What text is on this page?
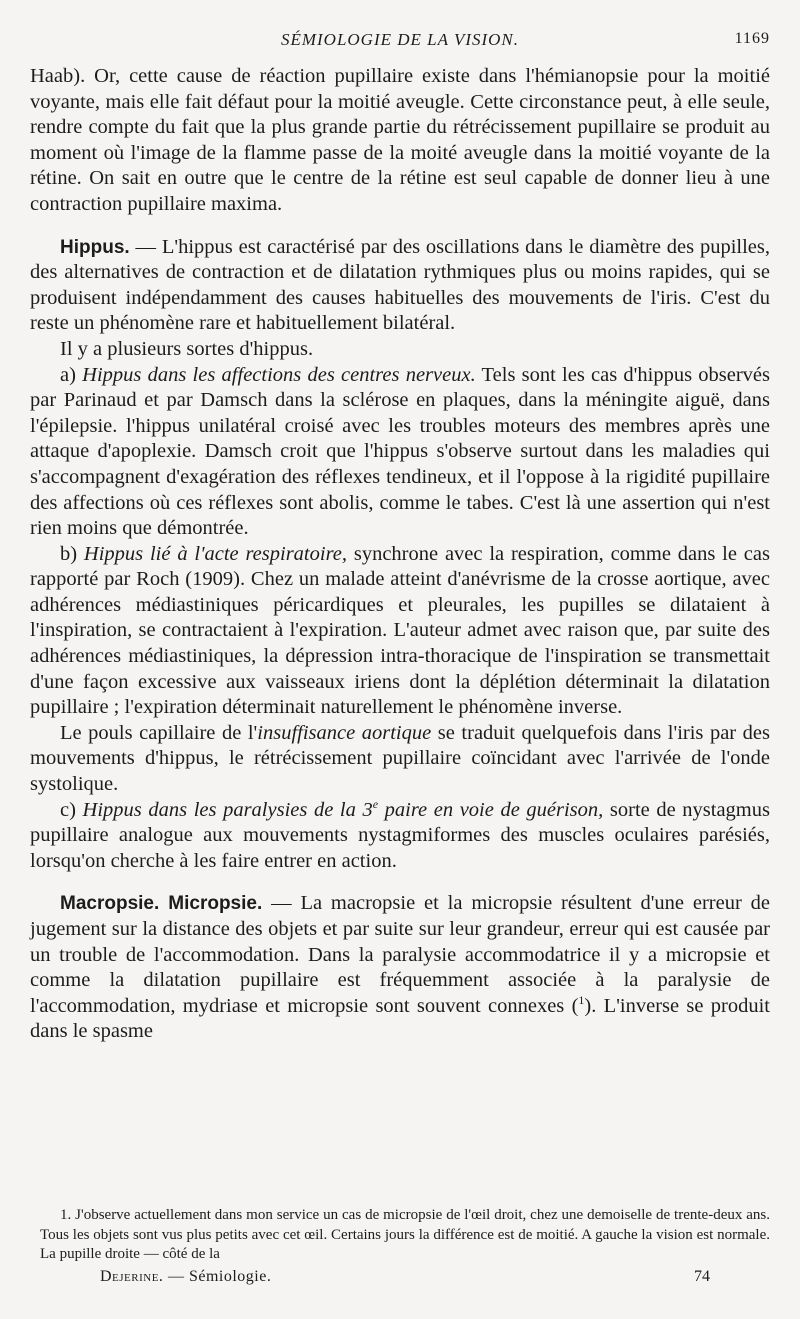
SÉMIOLOGIE DE LA VISION.	1169

Haab). Or, cette cause de réaction pupillaire existe dans l'hémianopsie pour la moitié voyante, mais elle fait défaut pour la moitié aveugle. Cette circonstance peut, à elle seule, rendre compte du fait que la plus grande partie du rétrécissement pupillaire se produit au moment où l'image de la flamme passe de la moité aveugle dans la moitié voyante de la rétine. On sait en outre que le centre de la rétine est seul capable de donner lieu à une contraction pupillaire maxima.

Hippus. — L'hippus est caractérisé par des oscillations dans le diamètre des pupilles, des alternatives de contraction et de dilatation rythmiques plus ou moins rapides, qui se produisent indépendamment des causes habituelles des mouvements de l'iris. C'est du reste un phénomène rare et habituellement bilatéral.

Il y a plusieurs sortes d'hippus.

a) Hippus dans les affections des centres nerveux. Tels sont les cas d'hippus observés par Parinaud et par Damsch dans la sclérose en plaques, dans la méningite aiguë, dans l'épilepsie. l'hippus unilatéral croisé avec les troubles moteurs des membres après une attaque d'apoplexie. Damsch croit que l'hippus s'observe surtout dans les maladies qui s'accompagnent d'exagération des réflexes tendineux, et il l'oppose à la rigidité pupillaire des affections où ces réflexes sont abolis, comme le tabes. C'est là une assertion qui n'est rien moins que démontrée.

b) Hippus lié à l'acte respiratoire, synchrone avec la respiration, comme dans le cas rapporté par Roch (1909). Chez un malade atteint d'anévrisme de la crosse aortique, avec adhérences médiastiniques péricardiques et pleurales, les pupilles se dilataient à l'inspiration, se contractaient à l'expiration. L'auteur admet avec raison que, par suite des adhérences médiastiniques, la dépression intra-thoracique de l'inspiration se transmettait d'une façon excessive aux vaisseaux iriens dont la déplétion déterminait la dilatation pupillaire ; l'expiration déterminait naturellement le phénomène inverse.

Le pouls capillaire de l'insuffisance aortique se traduit quelquefois dans l'iris par des mouvements d'hippus, le rétrécissement pupillaire coïncidant avec l'arrivée de l'onde systolique.

c) Hippus dans les paralysies de la 3e paire en voie de guérison, sorte de nystagmus pupillaire analogue aux mouvements nystagmiformes des muscles oculaires parésiés, lorsqu'on cherche à les faire entrer en action.

Macropsie. Micropsie. — La macropsie et la micropsie résultent d'une erreur de jugement sur la distance des objets et par suite sur leur grandeur, erreur qui est causée par un trouble de l'accommodation. Dans la paralysie accommodatrice il y a micropsie et comme la dilatation pupillaire est fréquemment associée à la paralysie de l'accommodation, mydriase et micropsie sont souvent connexes ($^1$). L'inverse se produit dans le spasme

1. J'observe actuellement dans mon service un cas de micropsie de l'œil droit, chez une demoiselle de trente-deux ans. Tous les objets sont vus plus petits avec cet œil. Certains jours la différence est de moitié. A gauche la vision est normale. La pupille droite — côté de la

Dejerine. — Sémiologie.	74
